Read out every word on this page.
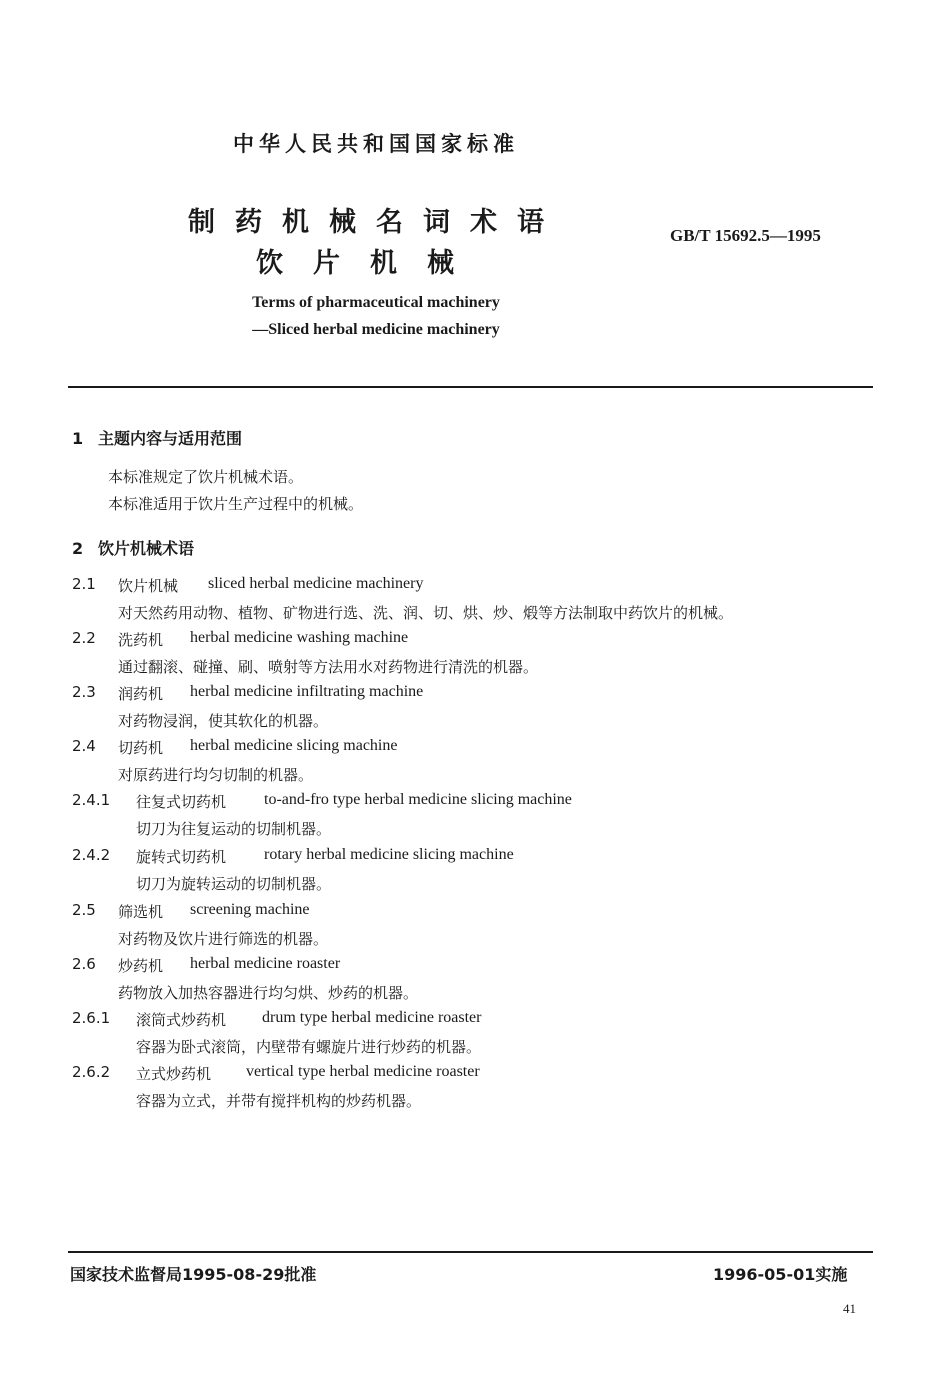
中华人民共和国国家标准
制药机械名词术语
饮片机械
GB/T 15692.5—1995
Terms of pharmaceutical machinery
—Sliced herbal medicine machinery
1 主题内容与适用范围
本标准规定了饮片机械术语。
本标准适用于饮片生产过程中的机械。
2 饮片机械术语
2.1 饮片机械 sliced herbal medicine machinery
对天然药用动物、植物、矿物进行选、洗、润、切、烘、炒、煅等方法制取中药饮片的机械。
2.2 洗药机 herbal medicine washing machine
通过翻滚、碰撞、刷、喷射等方法用水对药物进行清洗的机器。
2.3 润药机 herbal medicine infiltrating machine
对药物浸润，使其软化的机器。
2.4 切药机 herbal medicine slicing machine
对原药进行均匀切制的机器。
2.4.1 往复式切药机 to-and-fro type herbal medicine slicing machine
切刀为往复运动的切制机器。
2.4.2 旋转式切药机 rotary herbal medicine slicing machine
切刀为旋转运动的切制机器。
2.5 筛选机 screening machine
对药物及饮片进行筛选的机器。
2.6 炒药机 herbal medicine roaster
药物放入加热容器进行均匀烘、炒药的机器。
2.6.1 滚筒式炒药机 drum type herbal medicine roaster
容器为卧式滚筒，内壁带有螺旋片进行炒药的机器。
2.6.2 立式炒药机 vertical type herbal medicine roaster
容器为立式，并带有搅拌机构的炒药机器。
国家技术监督局1995-08-29批准	1996-05-01实施
41
